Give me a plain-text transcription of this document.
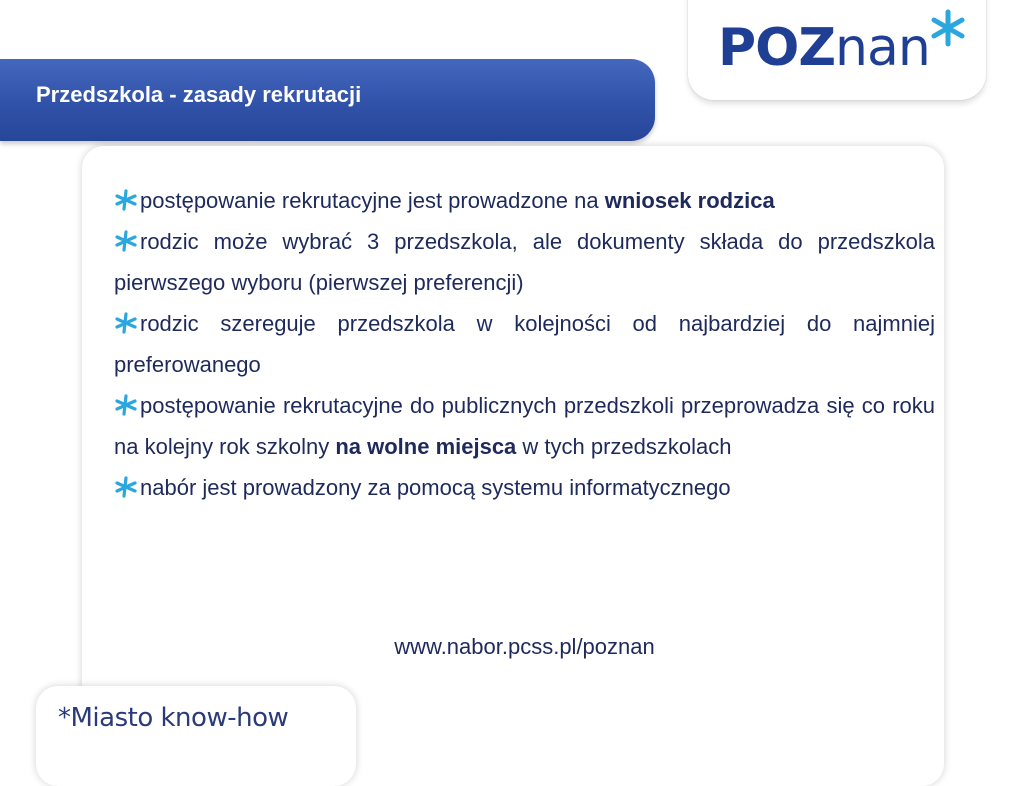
POZnan
Przedszkola - zasady rekrutacji

postępowanie rekrutacyjne jest prowadzone na wniosek rodzica

rodzic może wybrać 3 przedszkola, ale dokumenty składa do przedszkola pierwszego wyboru (pierwszej preferencji)

rodzic szereguje przedszkola w kolejności od najbardziej do najmniej preferowanego

postępowanie rekrutacyjne do publicznych przedszkoli przeprowadza się co roku na kolejny rok szkolny na wolne miejsca w tych przedszkolach

nabór jest prowadzony za pomocą systemu informatycznego

www.nabor.pcss.pl/poznan
*Miasto know-how
